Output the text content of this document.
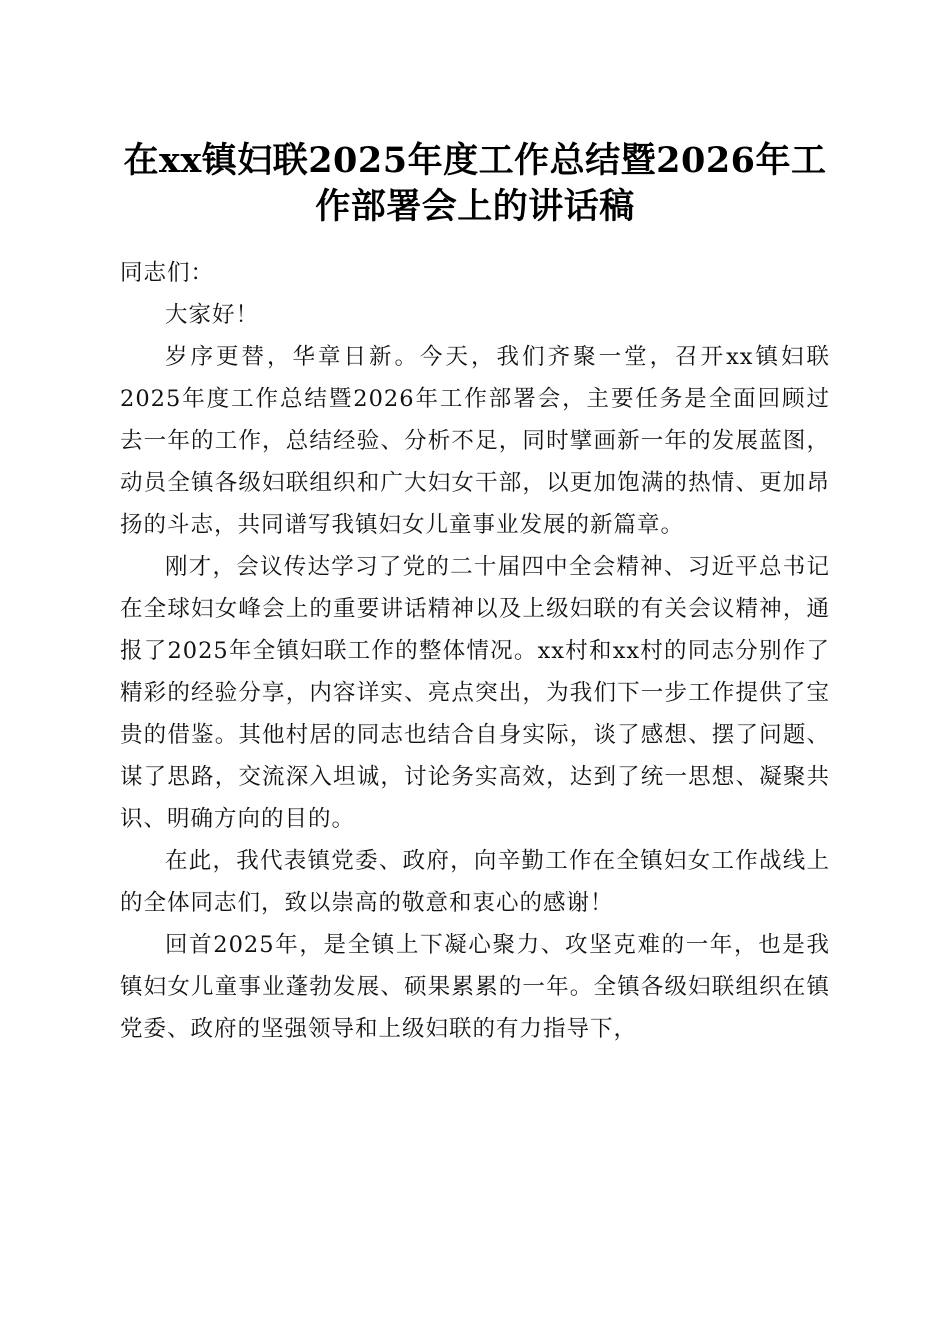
在xx镇妇联2025年度工作总结暨2026年工
作部署会上的讲话稿

同志们：

大家好！

岁序更替，华章日新。今天，我们齐聚一堂，召开xx镇妇联2025年度工作总结暨2026年工作部署会，主要任务是全面回顾过去一年的工作，总结经验、分析不足，同时擘画新一年的发展蓝图，动员全镇各级妇联组织和广大妇女干部，以更加饱满的热情、更加昂扬的斗志，共同谱写我镇妇女儿童事业发展的新篇章。

刚才，会议传达学习了党的二十届四中全会精神、习近平总书记在全球妇女峰会上的重要讲话精神以及上级妇联的有关会议精神，通报了2025年全镇妇联工作的整体情况。xx村和xx村的同志分别作了精彩的经验分享，内容详实、亮点突出，为我们下一步工作提供了宝贵的借鉴。其他村居的同志也结合自身实际，谈了感想、摆了问题、谋了思路，交流深入坦诚，讨论务实高效，达到了统一思想、凝聚共识、明确方向的目的。

在此，我代表镇党委、政府，向辛勤工作在全镇妇女工作战线上的全体同志们，致以崇高的敬意和衷心的感谢！

回首2025年，是全镇上下凝心聚力、攻坚克难的一年，也是我镇妇女儿童事业蓬勃发展、硕果累累的一年。全镇各级妇联组织在镇党委、政府的坚强领导和上级妇联的有力指导下，
